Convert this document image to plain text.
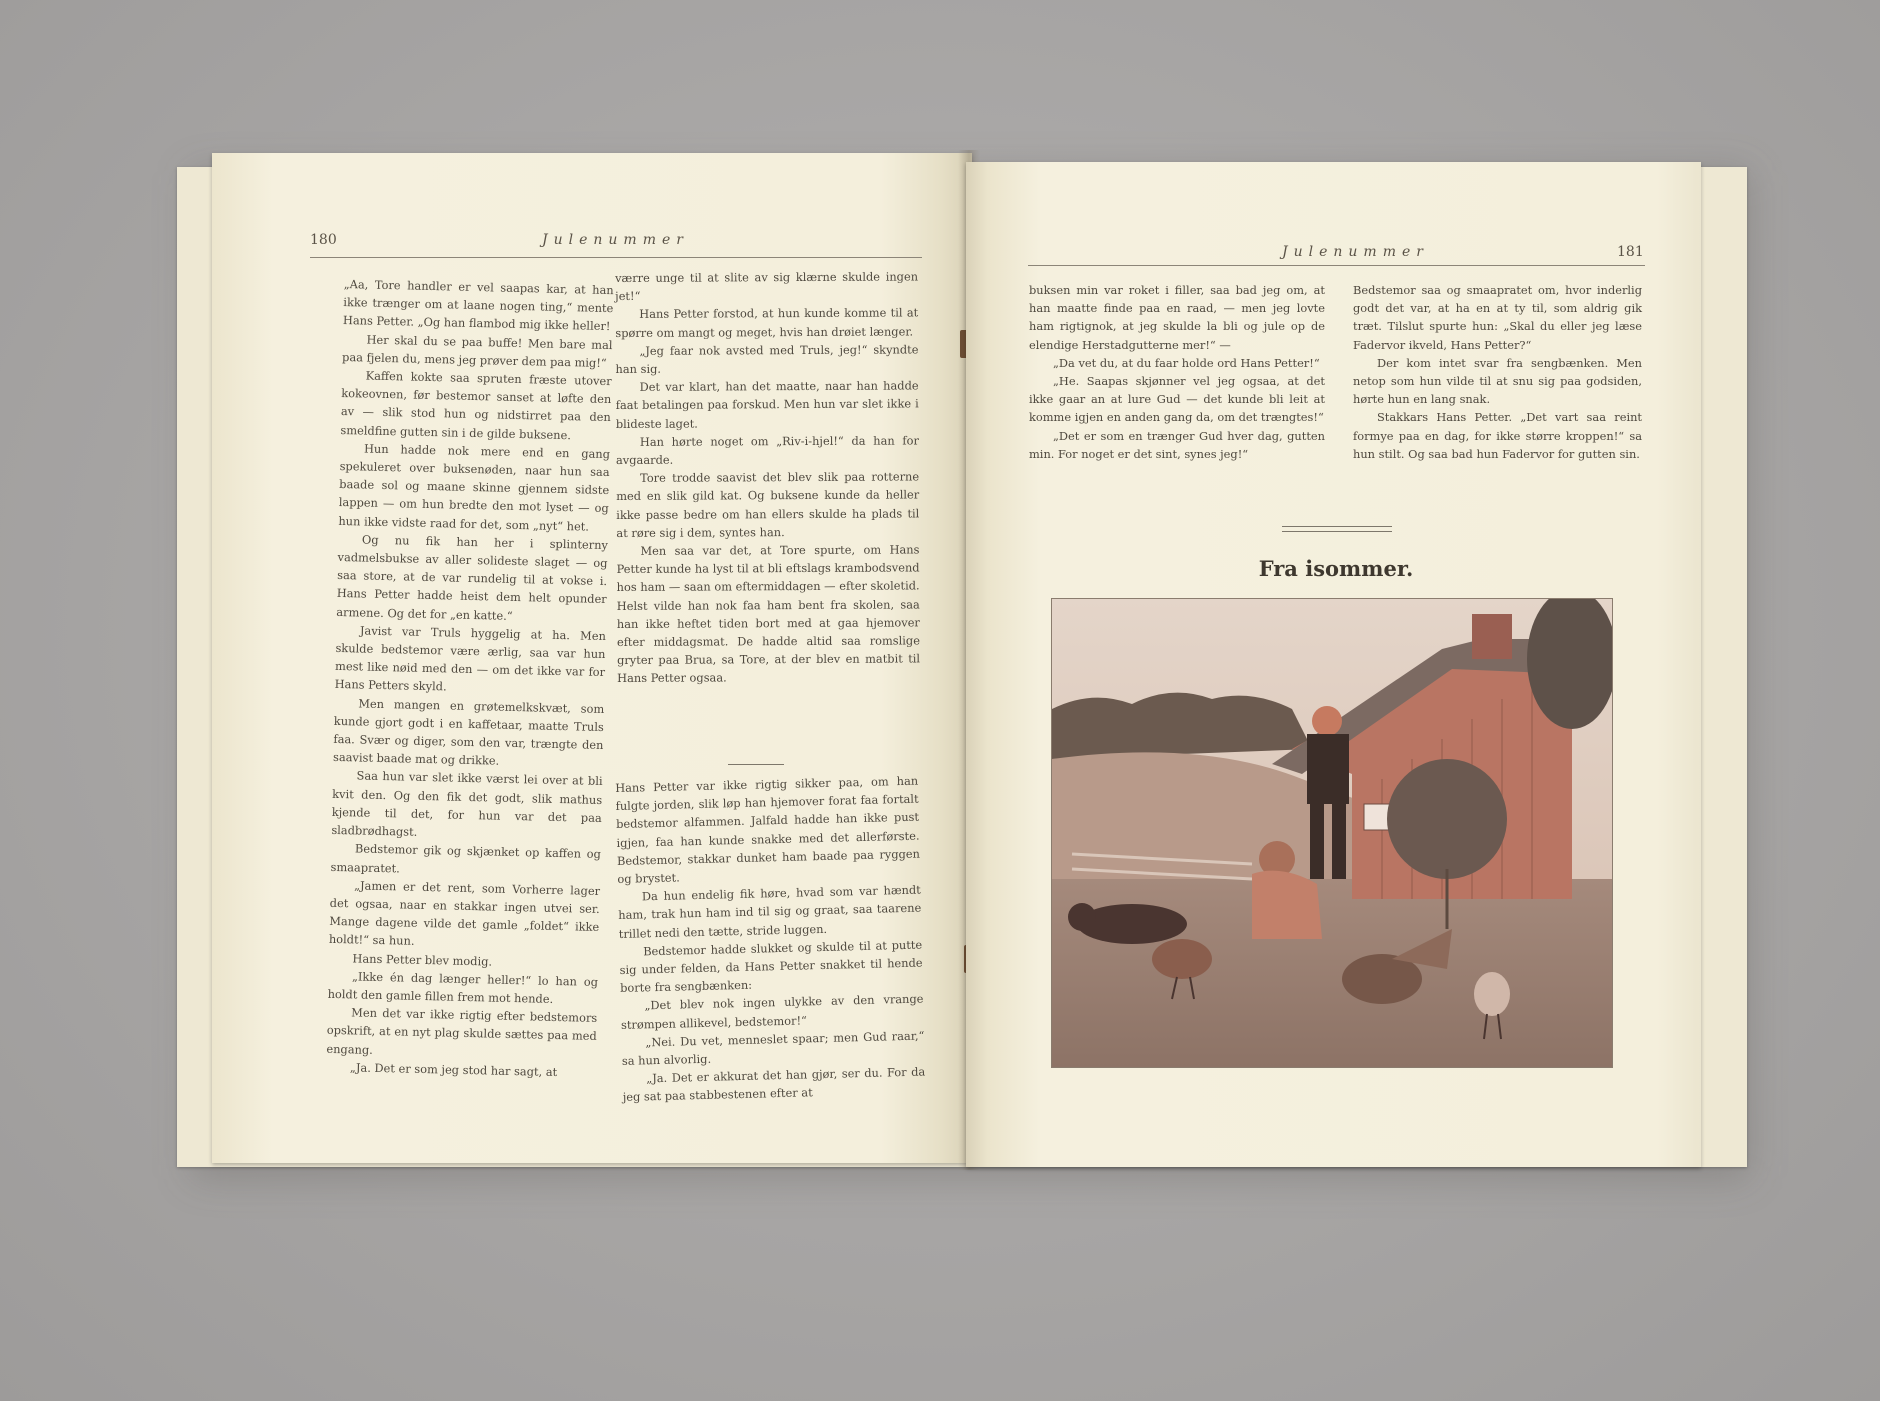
180	Julenummer

„Aa, Tore handler er vel saapas kar, at han ikke trænger om at laane nogen ting,“ mente Hans Petter. „Og han flambod mig ikke heller!

Her skal du se paa buffe! Men bare mal paa fjelen du, mens jeg prøver dem paa mig!“

Kaffen kokte saa spruten fræste utover kokeovnen, før bestemor sanset at løfte den av — slik stod hun og nidstirret paa den smeldfine gutten sin i de gilde buksene.

Hun hadde nok mere end en gang spekuleret over buksenøden, naar hun saa baade sol og maane skinne gjennem sidste lappen — om hun bredte den mot lyset — og hun ikke vidste raad for det, som „nyt“ het.

Og nu fik han her i splinterny vadmelsbukse av aller solideste slaget — og saa store, at de var rundelig til at vokse i. Hans Petter hadde heist dem helt opunder armene. Og det for „en katte.“

Javist var Truls hyggelig at ha. Men skulde bedstemor være ærlig, saa var hun mest like nøid med den — om det ikke var for Hans Petters skyld.

Men mangen en grøtemelkskvæt, som kunde gjort godt i en kaffetaar, maatte Truls faa. Svær og diger, som den var, trængte den saavist baade mat og drikke.

Saa hun var slet ikke værst lei over at bli kvit den. Og den fik det godt, slik mathus kjende til det, for hun var det paa sladbrødhagst.

Bedstemor gik og skjænket op kaffen og smaapratet.

„Jamen er det rent, som Vorherre lager det ogsaa, naar en stakkar ingen utvei ser. Mange dagene vilde det gamle „foldet“ ikke holdt!“ sa hun.

Hans Petter blev modig.

„Ikke én dag længer heller!“ lo han og holdt den gamle fillen frem mot hende.

Men det var ikke rigtig efter bedstemors opskrift, at en nyt plag skulde sættes paa med engang.

„Ja. Det er som jeg stod har sagt, at

værre unge til at slite av sig klærne skulde ingen jet!“

Hans Petter forstod, at hun kunde komme til at spørre om mangt og meget, hvis han drøiet længer.

„Jeg faar nok avsted med Truls, jeg!“ skyndte han sig.

Det var klart, han det maatte, naar han hadde faat betalingen paa forskud. Men hun var slet ikke i blideste laget.

Han hørte noget om „Riv-i-hjel!“ da han for avgaarde.

Tore trodde saavist det blev slik paa rotterne med en slik gild kat. Og buksene kunde da heller ikke passe bedre om han ellers skulde ha plads til at røre sig i dem, syntes han.

Men saa var det, at Tore spurte, om Hans Petter kunde ha lyst til at bli eftslags krambodsvend hos ham — saan om eftermiddagen — efter skoletid. Helst vilde han nok faa ham bent fra skolen, saa han ikke heftet tiden bort med at gaa hjemover efter middagsmat. De hadde altid saa romslige gryter paa Brua, sa Tore, at der blev en matbit til Hans Petter ogsaa.

Hans Petter var ikke rigtig sikker paa, om han fulgte jorden, slik løp han hjemover forat faa fortalt bedstemor alfammen. Jalfald hadde han ikke pust igjen, faa han kunde snakke med det allerførste. Bedstemor, stakkar dunket ham baade paa ryggen og brystet.

Da hun endelig fik høre, hvad som var hændt ham, trak hun ham ind til sig og graat, saa taarene trillet nedi den tætte, stride luggen.

Bedstemor hadde slukket og skulde til at putte sig under felden, da Hans Petter snakket til hende borte fra sengbænken:

„Det blev nok ingen ulykke av den vrange strømpen allikevel, bedstemor!“

„Nei. Du vet, menneslet spaar; men Gud raar,“ sa hun alvorlig.

„Ja. Det er akkurat det han gjør, ser du. For da jeg sat paa stabbestenen efter at

Julenummer	181

buksen min var roket i filler, saa bad jeg om, at han maatte finde paa en raad, — men jeg lovte ham rigtignok, at jeg skulde la bli og jule op de elendige Herstadgutterne mer!“ —

„Da vet du, at du faar holde ord Hans Petter!“

„He. Saapas skjønner vel jeg ogsaa, at det ikke gaar an at lure Gud — det kunde bli leit at komme igjen en anden gang da, om det trængtes!“

„Det er som en trænger Gud hver dag, gutten min. For noget er det sint, synes jeg!“

Bedstemor saa og smaapratet om, hvor inderlig godt det var, at ha en at ty til, som aldrig gik træt. Tilslut spurte hun: „Skal du eller jeg læse Fadervor ikveld, Hans Petter?“

Der kom intet svar fra sengbænken. Men netop som hun vilde til at snu sig paa godsiden, hørte hun en lang snak.

Stakkars Hans Petter. „Det vart saa reint formye paa en dag, for ikke større kroppen!“ sa hun stilt. Og saa bad hun Fadervor for gutten sin.

Fra isommer.
